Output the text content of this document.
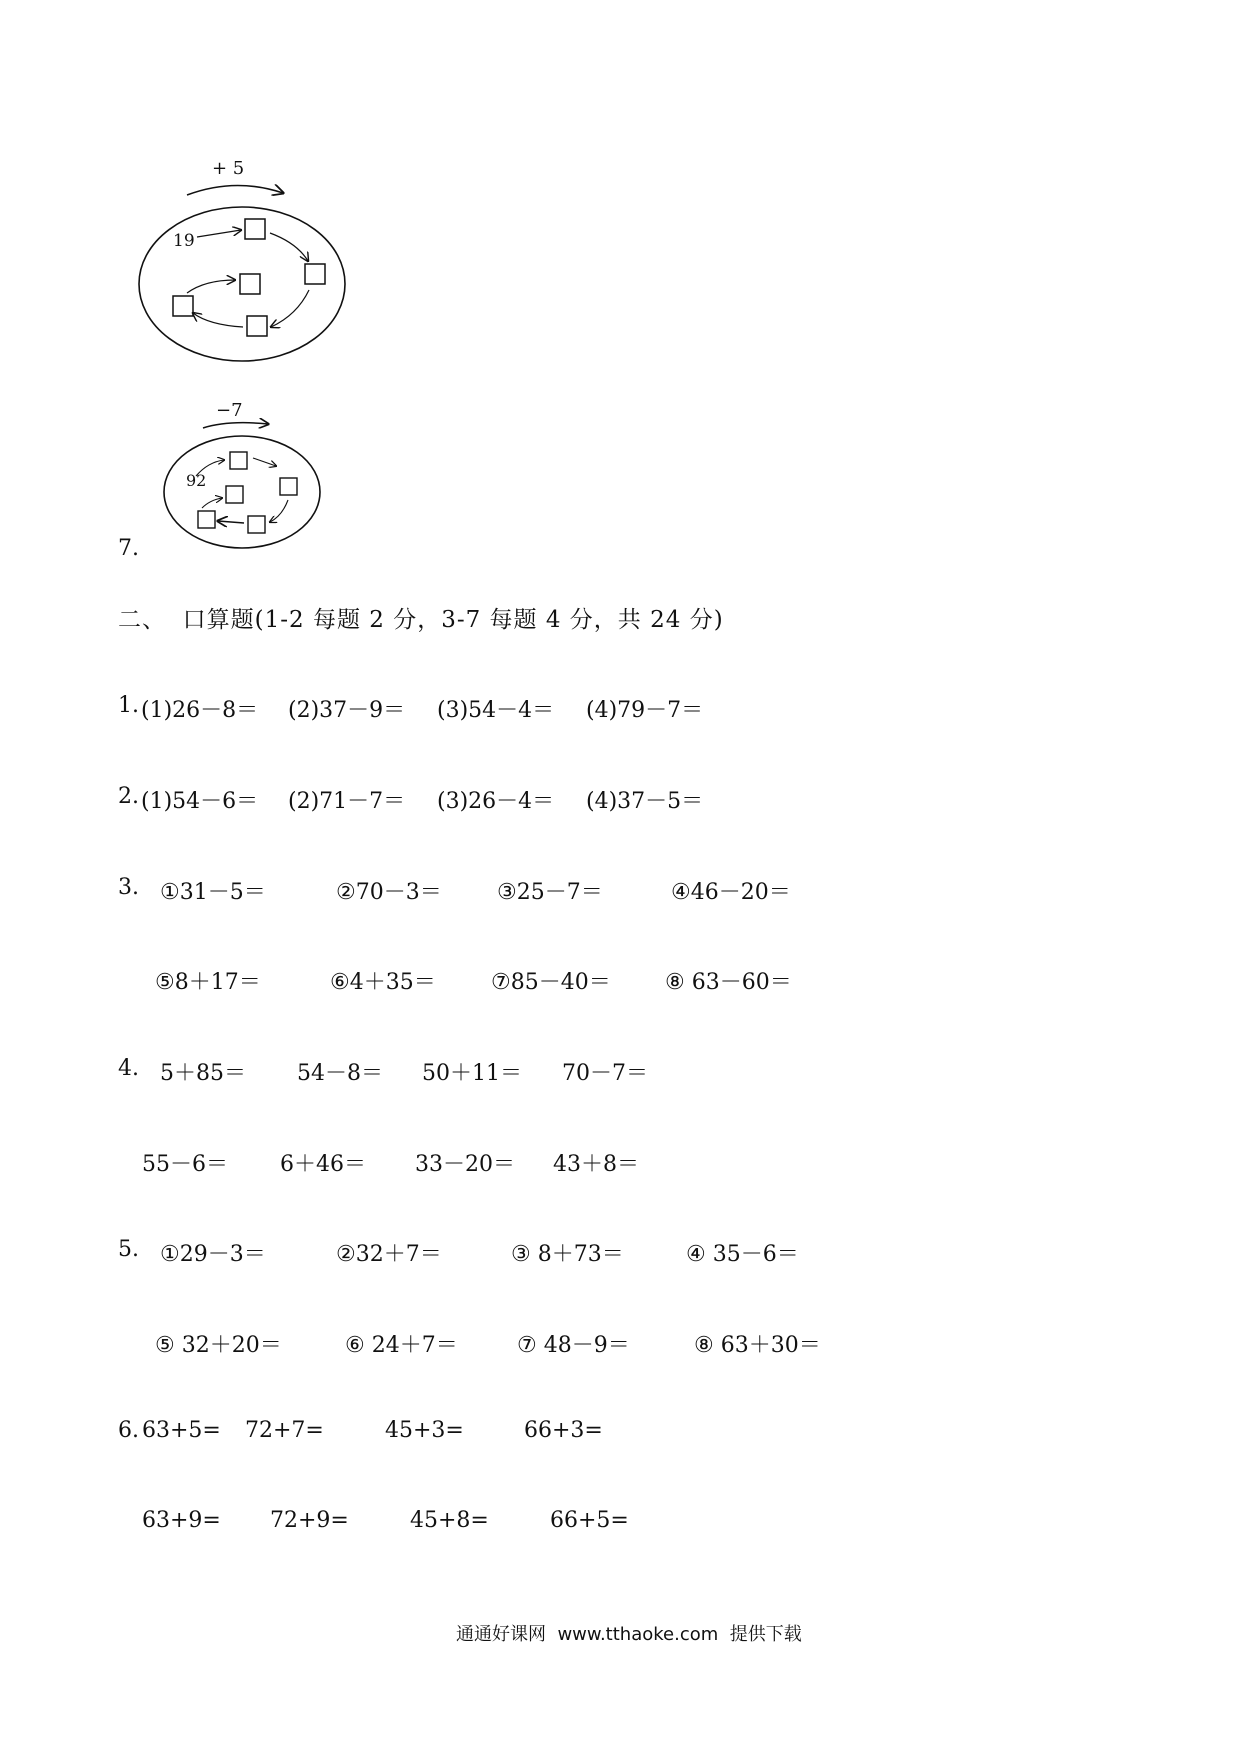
+ 5
19
−7
92
7.
二、  口算题(1-2 每题 2 分，3-7 每题 4 分，共 24 分)
1. (1)26－8＝ (2)37－9＝ (3)54－4＝ (4)79－7＝
2. (1)54－6＝ (2)71－7＝ (3)26－4＝ (4)37－5＝
3. ①31－5＝	②70－3＝	③25－7＝	④46－20＝
⑤8＋17＝	⑥4＋35＝	⑦85－40＝ ⑧ 63－60＝
4. 5＋85＝ 54－8＝ 50＋11＝ 70－7＝
55－6＝ 6＋46＝ 33－20＝ 43＋8＝
5. ①29－3＝	②32＋7＝	③ 8＋73＝	④ 35－6＝
⑤ 32＋20＝	⑥ 24＋7＝	⑦ 48－9＝	⑧ 63＋30＝
6. 63+5= 72+7=	45+3=	66+3=
63+9= 72+9=	45+8=	66+5=
通通好课网  www.tthaoke.com  提供下载
